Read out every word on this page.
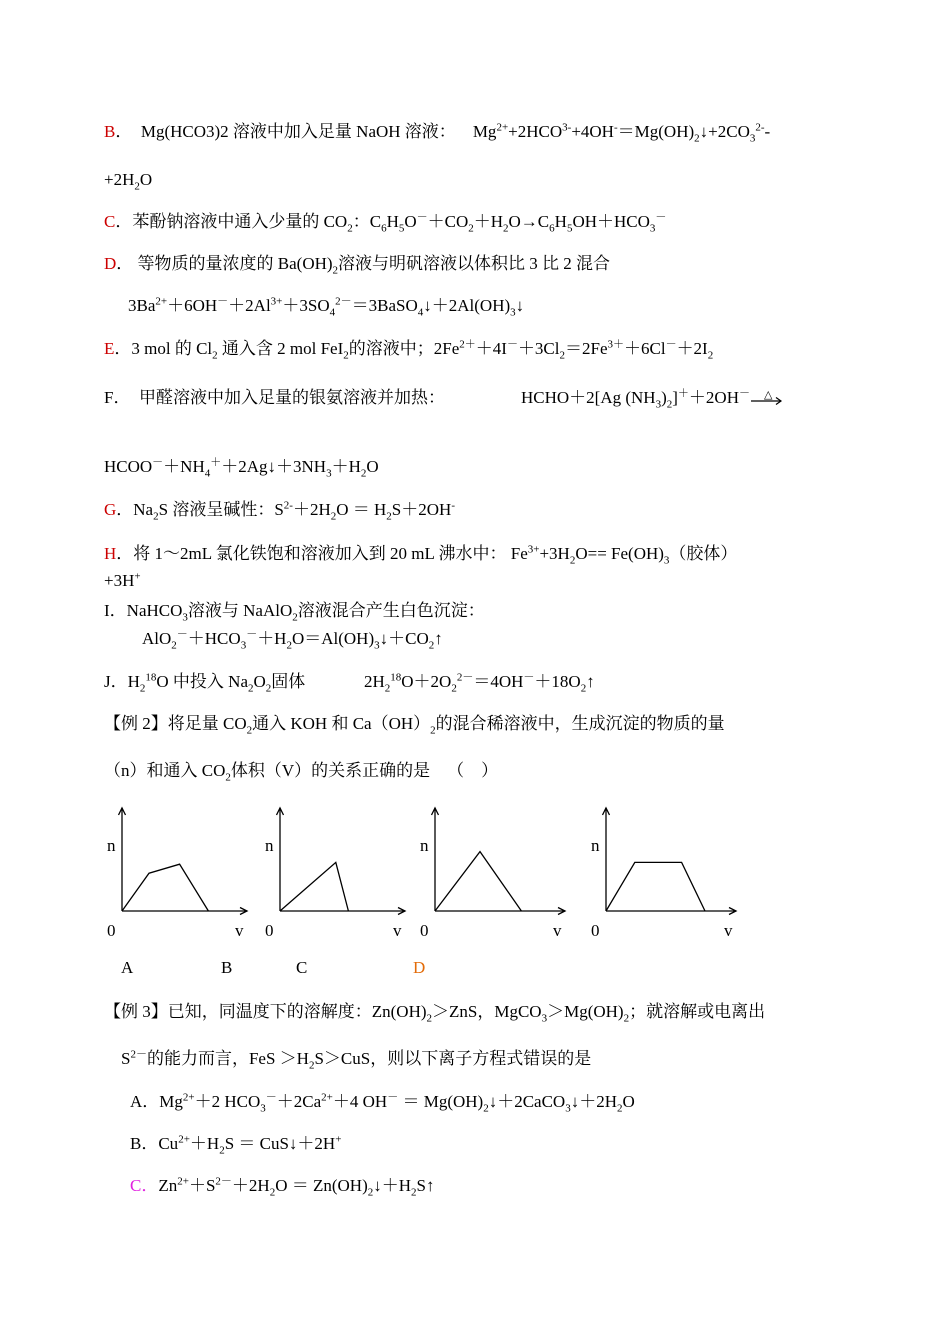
B． Mg(HCO3)2 溶液中加入足量 NaOH 溶液： $Mg^{2+}+2HCO^{3-}+4OH^-=Mg(OH)_2↓+2CO_3^{2-}-$
$+2H_2O$
C．苯酚钠溶液中通入少量的 $CO_2$：$C_6H_5O^-+CO_2+H_2O\to C_6H_5OH+HCO_3^-$
D． 等物质的量浓度的 $Ba(OH)_2$溶液与明矾溶液以体积比 3 比 2 混合
$3Ba^{2+}+6OH^-+2Al^{3+}+3SO_4^{2-}=3BaSO_4↓+2Al(OH)_3↓$
E．3 mol 的 $Cl_2$ 通入含 2 mol FeI$_2$的溶液中；$2Fe^{2+}+4I^-+3Cl_2=2Fe^{3+}+6Cl^-+2I_2$
F． 甲醛溶液中加入足量的银氨溶液并加热：	HCHO＋2[Ag $(NH_3)_2]^++2OH^-$ △
$HCOO^-+NH_4^++2Ag↓+3NH_3+H_2O$
G．$Na_2S$ 溶液呈碱性：$S^{2-}+2H_2O = H_2S+2OH^-$
H．将 1～2mL 氯化铁饱和溶液加入到 20 mL 沸水中： $Fe^{3+}+3H_2O== Fe(OH)_3$（胶体）
+3H+
I．NaHCO$_3$溶液与 NaAlO$_2$溶液混合产生白色沉淀：
$AlO_2^-+HCO_3^-+H_2O=Al(OH)_3↓+CO_2↑$
J．$H_2^{18}O$ 中投入 $Na_2O_2$固体	$2H_2^{18}O+2O_2^{2-}=4OH^-+18O_2↑$
【例 2】将足量 $CO_2$通入 KOH 和 $Ca(OH)_2$的混合稀溶液中，生成沉淀的物质的量
（n）和通入 $CO_2$体积（V）的关系正确的是 （　）
n
0	v
n
0	v
n
0	v
n
0	v
A	B	C	D
【例 3】已知，同温度下的溶解度：$Zn(OH)_2>ZnS$，$MgCO_3>Mg(OH)_2$；就溶解或电离出
$S^{2-}$的能力而言，FeS $>H_2S>CuS$，则以下离子方程式错误的是
A．$Mg^{2+}+2$ $HCO_3^-+2Ca^{2+}+4$ $OH^- = Mg(OH)_2↓+2CaCO_3↓+2H_2O$
B．$Cu^{2+}+H_2S$ ＝ CuS↓＋2H+
C．$Zn^{2+}+S^{2-}+2H_2O$ ＝ $Zn(OH)_2↓+H_2S↑$
